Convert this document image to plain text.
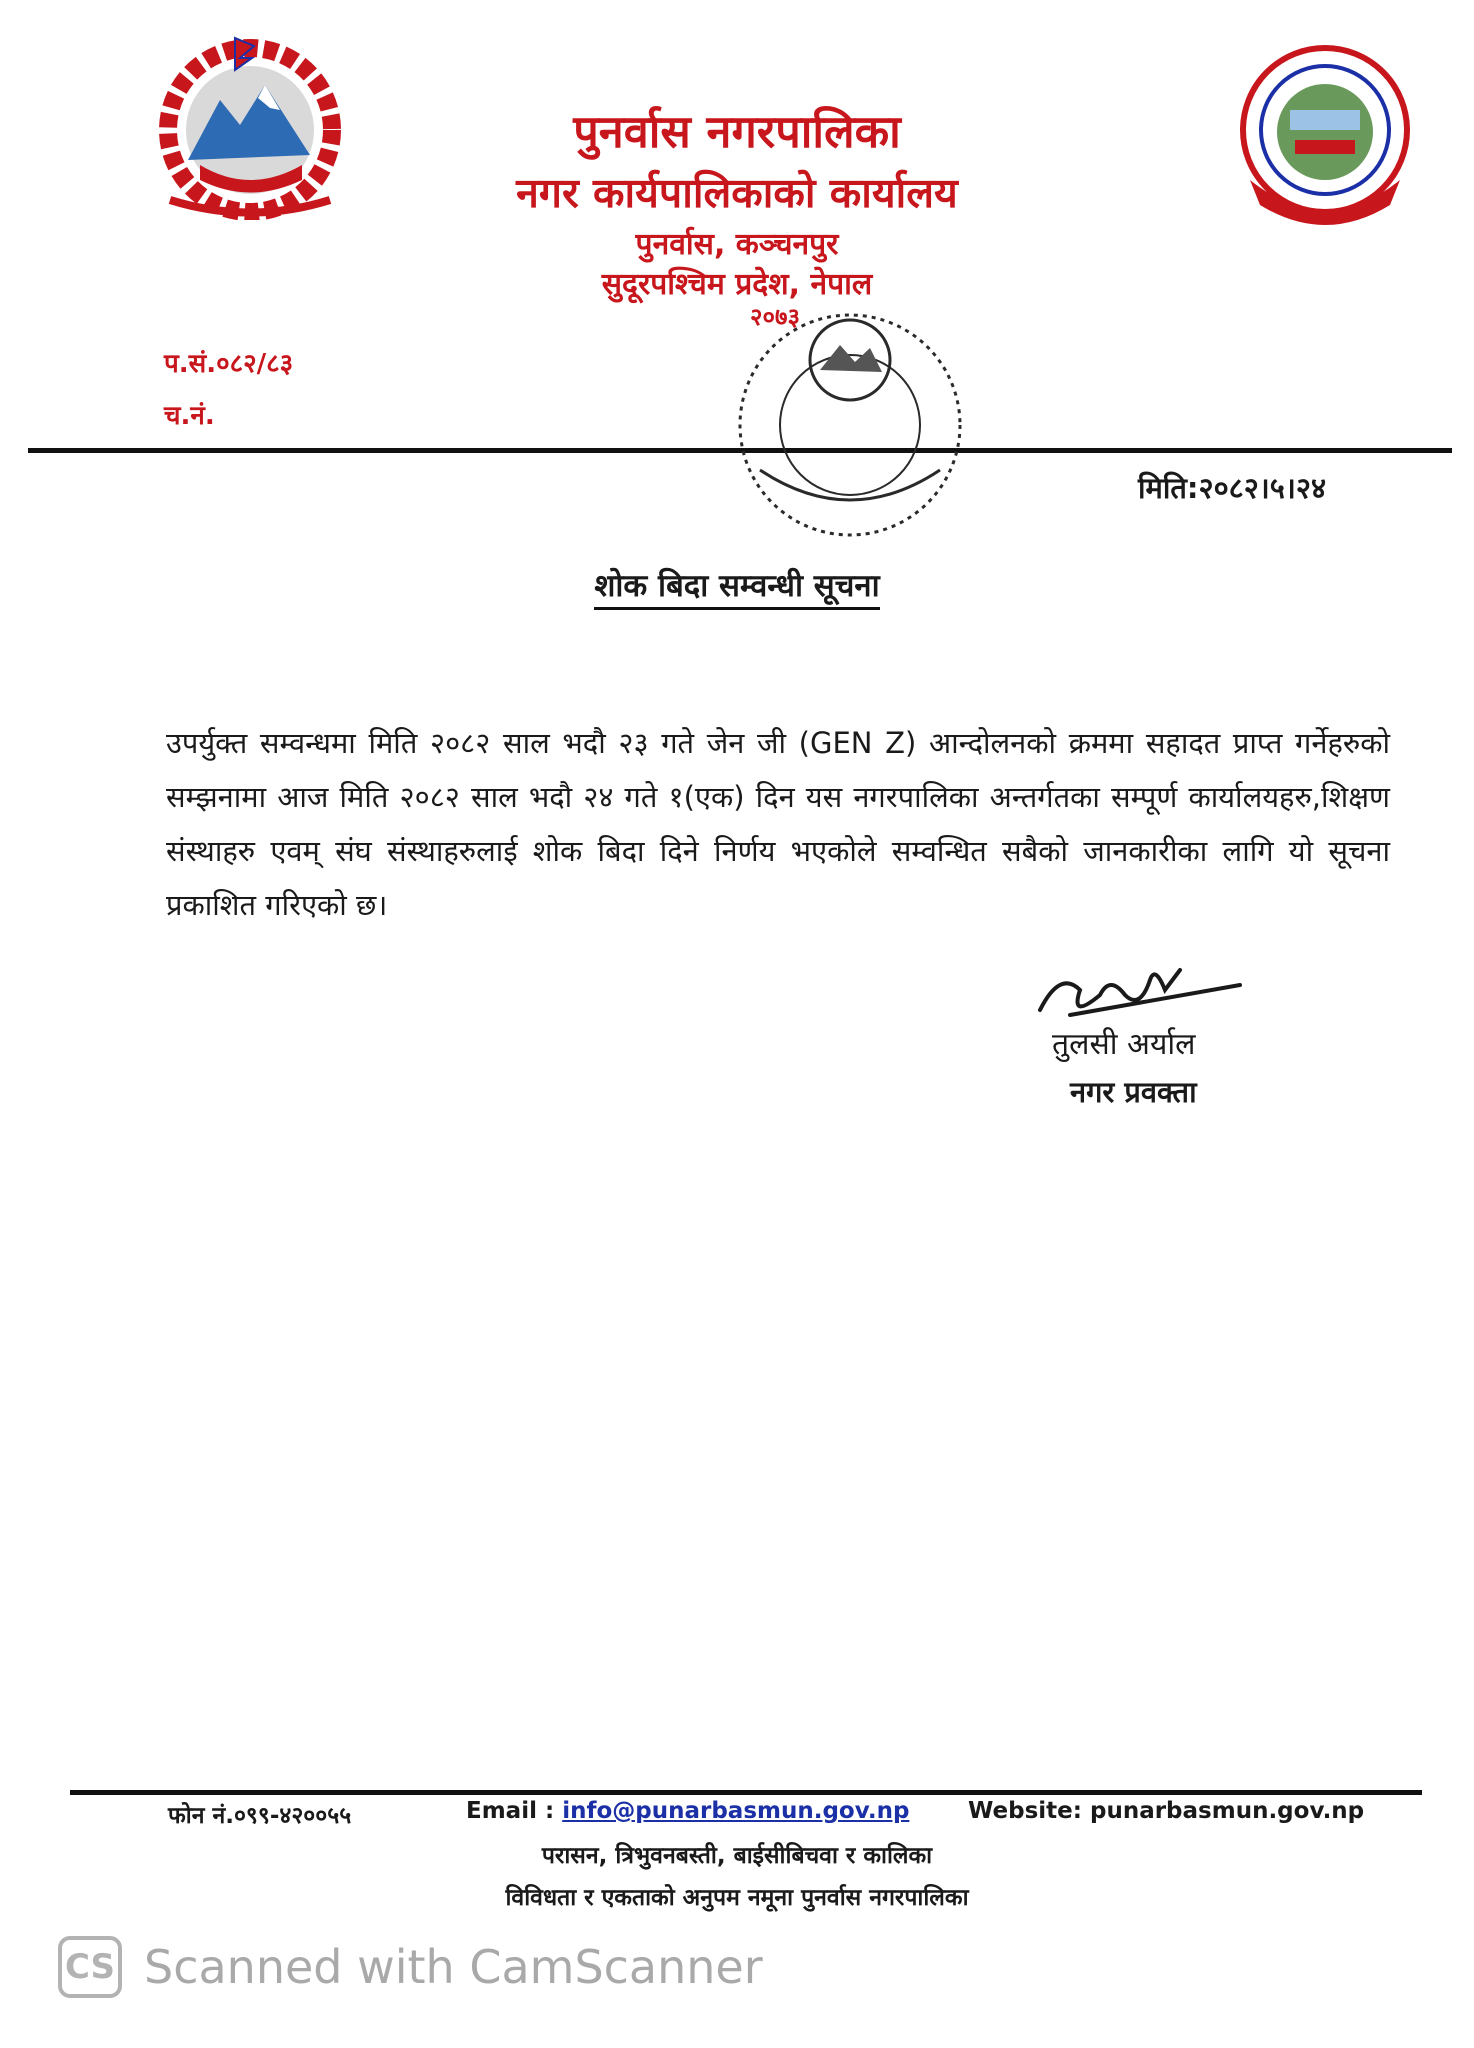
पुनर्वास नगरपालिका
नगर कार्यपालिकाको कार्यालय
पुनर्वास, कञ्चनपुर
सुदूरपश्चिम प्रदेश, नेपाल
२०७३
प.सं.०८२/८३
च.नं.
मिति:२०८२।५।२४
शोक बिदा सम्वन्धी सूचना
उपर्युक्त सम्वन्धमा मिति २०८२ साल भदौ २३ गते जेन जी (GEN Z) आन्दोलनको क्रममा सहादत प्राप्त गर्नेहरुको सम्झनामा आज मिति २०८२ साल भदौ २४ गते १(एक) दिन यस नगरपालिका अन्तर्गतका सम्पूर्ण कार्यालयहरु,शिक्षण संस्थाहरु एवम् संघ संस्थाहरुलाई शोक बिदा दिने निर्णय भएकोले सम्वन्धित सबैको जानकारीका लागि यो सूचना प्रकाशित गरिएको छ।
तुलसी अर्याल
नगर प्रवक्ता
फोन नं.०९९-४२००५५	Email : info@punarbasmun.gov.np	Website: punarbasmun.gov.np
परासन, त्रिभुवनबस्ती, बाईसीबिचवा र कालिका
विविधता र एकताको अनुपम नमूना पुनर्वास नगरपालिका
CS Scanned with CamScanner
